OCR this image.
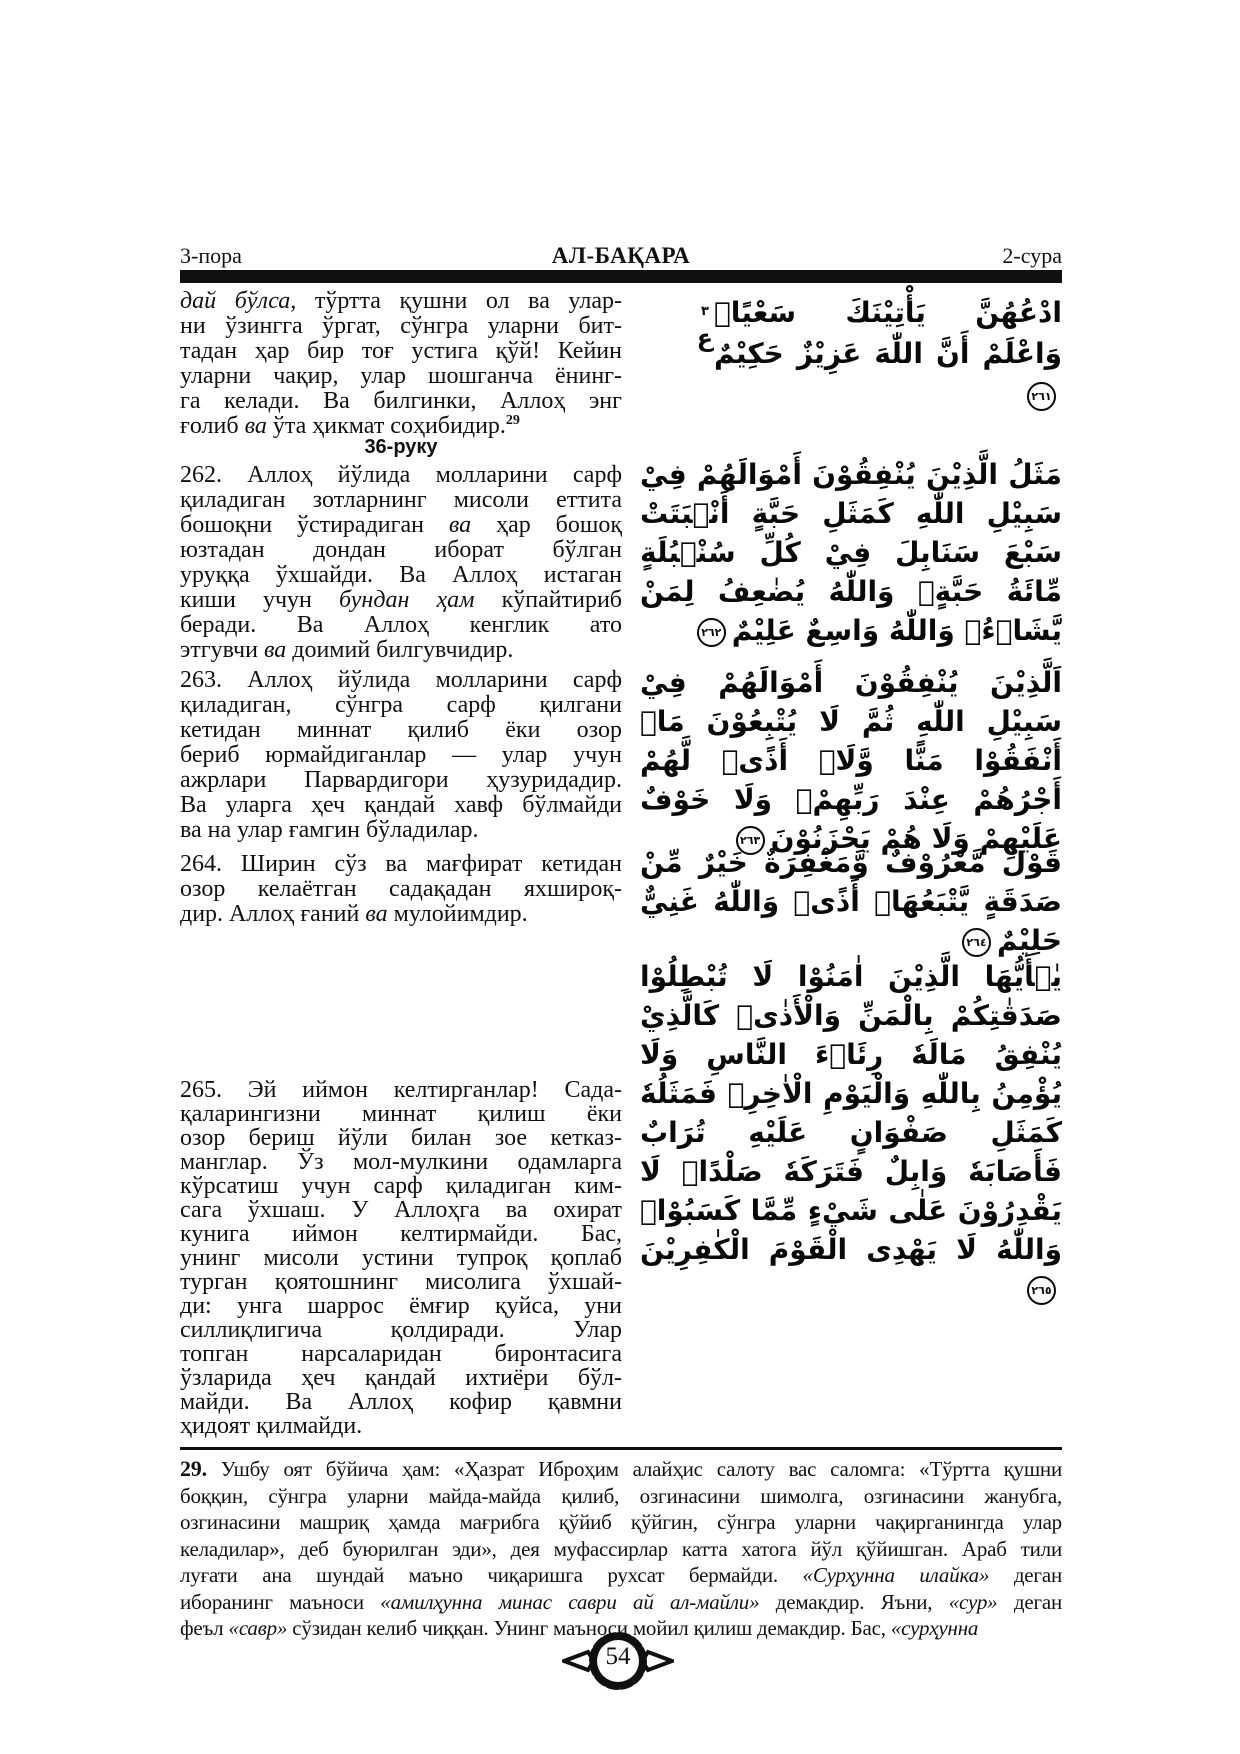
3-пора	АЛ-БАҚАРА	2-сура
дай бўлса, тўртта қушни ол ва улар-
ни ўзингга ўргат, сўнгра уларни бит-
тадан ҳар бир тоғ устига қўй! Кейин
уларни чақир, улар шошганча ёнинг-
га келади. Ва билгинки, Аллоҳ энг
ғолиб ва ўта ҳикмат соҳибидир.$^{29}$
36-руку
262. Аллоҳ йўлида молларини сарф
қиладиган зотларнинг мисоли еттита
бошоқни ўстирадиган ва ҳар бошоқ
юзтадан дондан иборат бўлган
уруққа ўхшайди. Ва Аллоҳ истаган
киши учун бундан ҳам кўпайтириб
беради. Ва Аллоҳ кенглик ато
этгувчи ва доимий билгувчидир.
263. Аллоҳ йўлида молларини сарф
қиладиган, сўнгра сарф қилгани
кетидан миннат қилиб ёки озор
бериб юрмайдиганлар — улар учун
ажрлари Парвардигори ҳузуридадир.
Ва уларга ҳеч қандай хавф бўлмайди
ва на улар ғамгин бўладилар.
264. Ширин сўз ва мағфират кетидан
озор келаётган садақадан яхшироқ-
дир. Аллоҳ ғаний ва мулойимдир.
265. Эй иймон келтирганлар! Сада-
қаларингизни миннат қилиш ёки
озор бериш йўли билан зое кетказ-
манглар. Ўз мол-мулкини одамларга
кўрсатиш учун сарф қиладиган ким-
сага ўхшаш. У Аллоҳга ва охират
кунига иймон келтирмайди. Бас,
унинг мисоли устини тупроқ қоплаб
турган қоятошнинг мисолига ўхшай-
ди: унга шаррос ёмғир қуйса, уни
силлиқлигича қолдиради. Улар
топган нарсаларидан биронтасига
ўзларида ҳеч қандай ихтиёри бўл-
майди. Ва Аллоҳ кофир қавмни
ҳидоят қилмайди.
٣
ع
ادْعُهُنَّ يَأْتِيْنَكَ سَعْيًاۚ وَاعْلَمْ أَنَّ اللّٰهَ عَزِيْزٌ حَكِيْمٌ٢٦١
مَثَلُ الَّذِيْنَ يُنْفِقُوْنَ أَمْوَالَهُمْ فِيْ سَبِيْلِ اللّٰهِ كَمَثَلِ حَبَّةٍ أَنْۢبَتَتْ سَبْعَ سَنَابِلَ فِيْ كُلِّ سُنْۢبُلَةٍ مِّائَةُ حَبَّةٍۗ وَاللّٰهُ يُضٰعِفُ لِمَنْ يَّشَاۤءُۗ وَاللّٰهُ وَاسِعٌ عَلِيْمٌ٢٦٢
اَلَّذِيْنَ يُنْفِقُوْنَ أَمْوَالَهُمْ فِيْ سَبِيْلِ اللّٰهِ ثُمَّ لَا يُتْبِعُوْنَ مَاۤ أَنْفَقُوْا مَنًّا وَّلَاۤ أَذًىۙ لَّهُمْ أَجْرُهُمْ عِنْدَ رَبِّهِمْۚ وَلَا خَوْفٌ عَلَيْهِمْ وَلَا هُمْ يَحْزَنُوْنَ٢٦٣
قَوْلٌ مَّعْرُوْفٌ وَّمَغْفِرَةٌ خَيْرٌ مِّنْ صَدَقَةٍ يَّتْبَعُهَاۤ أَذًىۗ وَاللّٰهُ غَنِيٌّ حَلِيْمٌ٢٦٤
يٰۤأَيُّهَا الَّذِيْنَ اٰمَنُوْا لَا تُبْطِلُوْا صَدَقٰتِكُمْ بِالْمَنِّ وَالْأَذٰىۙ كَالَّذِيْ يُنْفِقُ مَالَهٗ رِئَاۤءَ النَّاسِ وَلَا يُؤْمِنُ بِاللّٰهِ وَالْيَوْمِ الْاٰخِرِۗ فَمَثَلُهٗ كَمَثَلِ صَفْوَانٍ عَلَيْهِ تُرَابٌ فَأَصَابَهٗ وَابِلٌ فَتَرَكَهٗ صَلْدًاۗ لَا يَقْدِرُوْنَ عَلٰى شَيْءٍ مِّمَّا كَسَبُوْاۗ وَاللّٰهُ لَا يَهْدِى الْقَوْمَ الْكٰفِرِيْنَ٢٦٥
29. Ушбу оят бўйича ҳам: «Ҳазрат Иброҳим алайҳис салоту вас саломга: «Тўртта қушни
боққин, сўнгра уларни майда-майда қилиб, озгинасини шимолга, озгинасини жанубга,
озгинасини машриқ ҳамда мағрибга қўйиб қўйгин, сўнгра уларни чақирганингда улар
келадилар», деб буюрилган эди», дея муфассирлар катта хатога йўл қўйишган. Араб тили
луғати ана шундай маъно чиқаришга рухсат бермайди. «Сурҳунна илайка» деган
иборанинг маъноси «амилҳунна минас саври ай ал-майли» демакдир. Яъни, «сур» деган
феъл «савр» сўзидан келиб чиққан. Унинг маъноси мойил қилиш демакдир. Бас, «сурҳунна
54
